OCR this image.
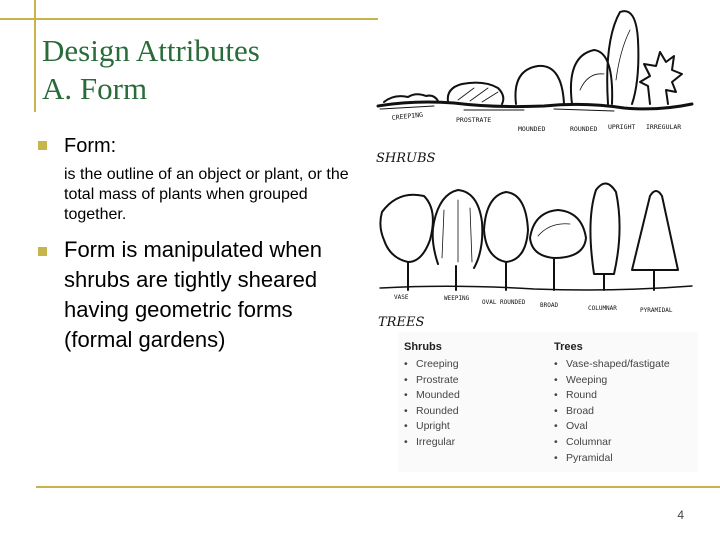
Design Attributes
A. Form
Form:
is the outline of an object or plant, or the total mass of plants when grouped together.
Form is manipulated when shrubs are tightly sheared having geometric forms (formal gardens)
CREEPING	PROSTRATE
MOUNDED	ROUNDED UPRIGHT IRREGULAR
SHRUBS
VASE	WEEPING
OVAL ROUNDED BROAD	COLUMNAR	PYRAMIDAL
TREES
Shrubs
• Creeping
• Prostrate
• Mounded
• Rounded
• Upright
• Irregular
Trees
• Vase-shaped/fastigate
• Weeping
• Round
• Broad
• Oval
• Columnar
• Pyramidal
4
